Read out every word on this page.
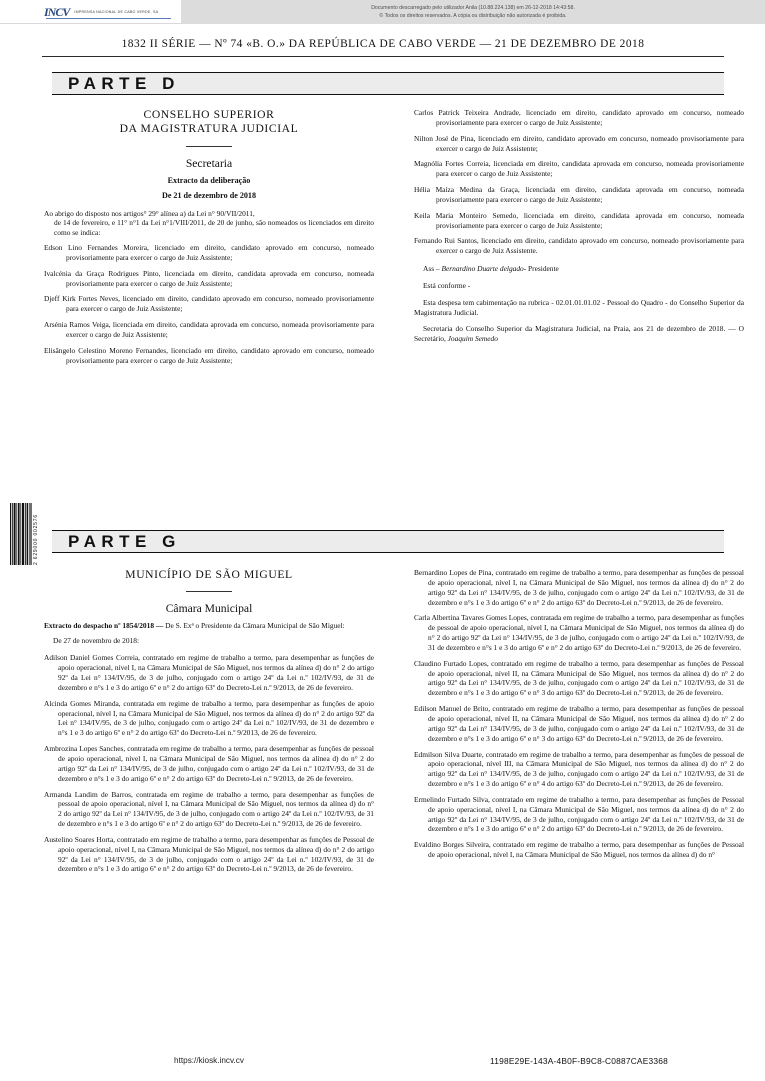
INCV IMPRENSA NACIONAL DE CABO VERDE, SA
Documento descarregado pelo utilizador Anila (10.88.224.138) em 26-12-2018 14:43:58.
© Todos os direitos reservados. A cópia ou distribuição não autorizada é proibida.
1832 II SÉRIE — Nº 74 «B. O.» DA REPÚBLICA DE CABO VERDE — 21 DE DEZEMBRO DE 2018
PARTE D
CONSELHO SUPERIOR
DA MAGISTRATURA JUDICIAL
Secretaria
Extracto da deliberação
De 21 de dezembro de 2018

Ao abrigo do disposto nos artigos° 29° alínea a) da Lei n° 90/VII/2011,
de 14 de fevereiro, e 11° n°1 da Lei n°1/VIII/2011, de 20 de junho, são nomeados os licenciados em direito como se indica:

Edson Lino Fernandes Moreira, licenciado em direito, candidato aprovado em concurso, nomeado provisoriamente para exercer o cargo de Juiz Assistente;

Ivalcénia da Graça Rodrigues Pinto, licenciada em direito, candidata aprovada em concurso, nomeada provisoriamente para exercer o cargo de Juiz Assistente;

Djeff Kirk Fortes Neves, licenciado em direito, candidato aprovado em concurso, nomeado provisoriamente para exercer o cargo de Juiz Assistente;

Arsénia Ramos Veiga, licenciada em direito, candidata aprovada em concurso, nomeada provisoriamente para exercer o cargo de Juiz Assistente;

Elisângelo Celestino Moreno Fernandes, licenciado em direito, candidato aprovado em concurso, nomeado provisoriamente para exercer o cargo de Juiz Assistente;

Carlos Patrick Teixeira Andrade, licenciado em direito, candidato aprovado em concurso, nomeado provisoriamente para exercer o cargo de Juiz Assistente;

Nilton José de Pina, licenciado em direito, candidato aprovado em concurso, nomeado provisoriamente para exercer o cargo de Juiz Assistente;

Magnólia Fortes Correia, licenciada em direito, candidata aprovada em concurso, nomeada provisoriamente para exercer o cargo de Juiz Assistente;

Hélia Maíza Medina da Graça, licenciada em direito, candidata aprovada em concurso, nomeada provisoriamente para exercer o cargo de Juiz Assistente;

Keila Maria Monteiro Semedo, licenciada em direito, candidata aprovada em concurso, nomeada provisoriamente para exercer o cargo de Juiz Assistente;

Fernando Rui Santos, licenciado em direito, candidato aprovado em concurso, nomeado provisoriamente para exercer o cargo de Juiz Assistente.

Ass – Bernardino Duarte delgado- Presidente

Está conforme -

Esta despesa tem cabimentação na rubrica - 02.01.01.01.02 - Pessoal do Quadro - do Conselho Superior da Magistratura Judicial.

Secretaria do Conselho Superior da Magistratura Judicial, na Praia, aos 21 de dezembro de 2018. — O Secretário, Joaquim Semedo

2 629000 002576	PARTE G
MUNICÍPIO DE SÃO MIGUEL
Câmara Municipal

Extracto do despacho nº 1854/2018 — De S. Exª o Presidente da Câmara Municipal de São Miguel:

De 27 de novembro de 2018:

Adilson Daniel Gomes Correia, contratado em regime de trabalho a termo, para desempenhar as funções de apoio operacional, nível I, na Câmara Municipal de São Miguel, nos termos da alínea d) do n° 2 do artigo 92º da Lei n° 134/IV/95, de 3 de julho, conjugado com o artigo 24º da Lei n.º 102/IV/93, de 31 de dezembro e n°s 1 e 3 do artigo 6º e n° 2 do artigo 63º do Decreto-Lei n.º 9/2013, de 26 de fevereiro.

Alcinda Gomes Miranda, contratada em regime de trabalho a termo, para desempenhar as funções de apoio operacional, nível I, na Câmara Municipal de São Miguel, nos termos da alínea d) do n° 2 do artigo 92º da Lei n° 134/IV/95, de 3 de julho, conjugado com o artigo 24º da Lei n.º 102/IV/93, de 31 de dezembro e n°s 1 e 3 do artigo 6º e n° 2 do artigo 63º do Decreto-Lei n.º 9/2013, de 26 de fevereiro.

Ambrozina Lopes Sanches, contratada em regime de trabalho a termo, para desempenhar as funções de pessoal de apoio operacional, nível I, na Câmara Municipal de São Miguel, nos termos da alínea d) do n° 2 do artigo 92º da Lei n° 134/IV/95, de 3 de julho, conjugado com o artigo 24º da Lei n.º 102/IV/93, de 31 de dezembro e n°s 1 e 3 do artigo 6º e n° 2 do artigo 63º do Decreto-Lei n.º 9/2013, de 26 de fevereiro.

Armanda Landim de Barros, contratada em regime de trabalho a termo, para desempenhar as funções de pessoal de apoio operacional, nível I, na Câmara Municipal de São Miguel, nos termos da alínea d) do n° 2 do artigo 92º da Lei n° 134/IV/95, de 3 de julho, conjugado com o artigo 24º da Lei n.º 102/IV/93, de 31 de dezembro e n°s 1 e 3 do artigo 6º e n° 2 do artigo 63º do Decreto-Lei n.º 9/2013, de 26 de fevereiro.

Austelino Soares Horta, contratado em regime de trabalho a termo, para desempenhar as funções de Pessoal de apoio operacional, nível I, na Câmara Municipal de São Miguel, nos termos da alínea d) do n° 2 do artigo 92º da Lei n° 134/IV/95, de 3 de julho, conjugado com o artigo 24º da Lei n.º 102/IV/93, de 31 de dezembro e n°s 1 e 3 do artigo 6º e n° 2 do artigo 63º do Decreto-Lei n.º 9/2013, de 26 de fevereiro.

Bernardino Lopes de Pina, contratado em regime de trabalho a termo, para desempenhar as funções de pessoal de apoio operacional, nível I, na Câmara Municipal de São Miguel, nos termos da alínea d) do n° 2 do artigo 92º da Lei n° 134/IV/95, de 3 de julho, conjugado com o artigo 24º da Lei n.º 102/IV/93, de 31 de dezembro e n°s 1 e 3 do artigo 6º e n° 2 do artigo 63º do Decreto-Lei n.º 9/2013, de 26 de fevereiro.

Carla Albertina Tavares Gomes Lopes, contratada em regime de trabalho a termo, para desempenhar as funções de pessoal de apoio operacional, nível I, na Câmara Municipal de São Miguel, nos termos da alínea d) do n° 2 do artigo 92º da Lei n° 134/IV/95, de 3 de julho, conjugado com o artigo 24º da Lei n.º 102/IV/93, de 31 de dezembro e n°s 1 e 3 do artigo 6º e n° 2 do artigo 63º do Decreto-Lei n.º 9/2013, de 26 de fevereiro.

Claudino Furtado Lopes, contratado em regime de trabalho a termo, para desempenhar as funções de Pessoal de apoio operacional, nível II, na Câmara Municipal de São Miguel, nos termos da alínea d) do n° 2 do artigo 92º da Lei n° 134/IV/95, de 3 de julho, conjugado com o artigo 24º da Lei n.º 102/IV/93, de 31 de dezembro e n°s 1 e 3 do artigo 6º e n° 3 do artigo 63º do Decreto-Lei n.º 9/2013, de 26 de fevereiro.

Edilson Manuel de Brito, contratado em regime de trabalho a termo, para desempenhar as funções de pessoal de apoio operacional, nível II, na Câmara Municipal de São Miguel, nos termos da alínea d) do n° 2 do artigo 92º da Lei n° 134/IV/95, de 3 de julho, conjugado com o artigo 24º da Lei n.º 102/IV/93, de 31 de dezembro e n°s 1 e 3 do artigo 6º e n° 3 do artigo 63º do Decreto-Lei n.º 9/2013, de 26 de fevereiro.

Edmilson Silva Duarte, contratado em regime de trabalho a termo, para desempenhar as funções de pessoal de apoio operacional, nível III, na Câmara Municipal de São Miguel, nos termos da alínea d) do n° 2 do artigo 92º da Lei n° 134/IV/95, de 3 de julho, conjugado com o artigo 24º da Lei n.º 102/IV/93, de 31 de dezembro e n°s 1 e 3 do artigo 6º e n° 4 do artigo 63º do Decreto-Lei n.º 9/2013, de 26 de fevereiro.

Ermelindo Furtado Silva, contratado em regime de trabalho a termo, para desempenhar as funções de Pessoal de apoio operacional, nível I, na Câmara Municipal de São Miguel, nos termos da alínea d) do n° 2 do artigo 92º da Lei n° 134/IV/95, de 3 de julho, conjugado com o artigo 24º da Lei n.º 102/IV/93, de 31 de dezembro e n°s 1 e 3 do artigo 6º e n° 2 do artigo 63º do Decreto-Lei n.º 9/2013, de 26 de fevereiro.

Evaldino Borges Silveira, contratado em regime de trabalho a termo, para desempenhar as funções de Pessoal de apoio operacional, nível I, na Câmara Municipal de São Miguel, nos termos da alínea d) do n°

https://kiosk.incv.cv	1198E29E-143A-4B0F-B9C8-C0887CAE3368
